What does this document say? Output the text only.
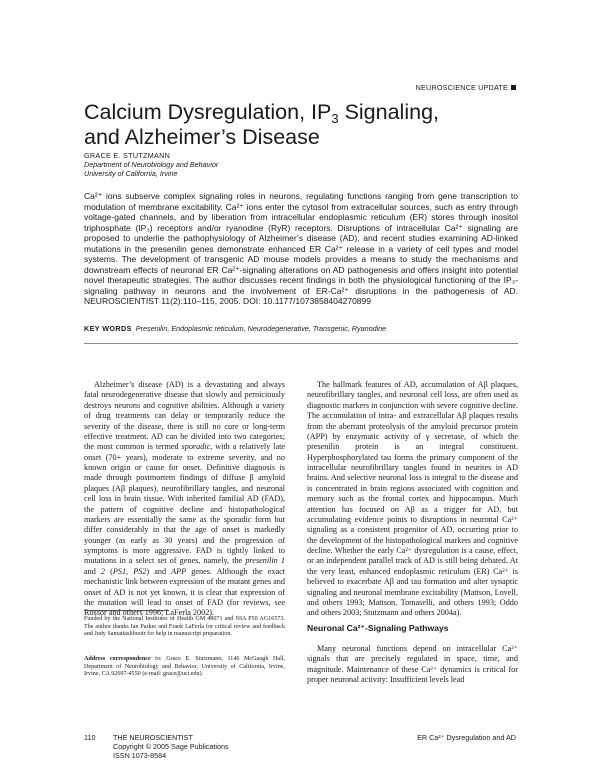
NEUROSCIENCE UPDATE
Calcium Dysregulation, $IP_3$ Signaling,
and Alzheimer’s Disease
GRACE E. STUTZMANN
Department of Neurobiology and Behavior
University of California, Irvine

Ca²⁺ ions subserve complex signaling roles in neurons, regulating functions ranging from gene transcription to modulation of membrane excitability. Ca²⁺ ions enter the cytosol from extracellular sources, such as entry through voltage-gated channels, and by liberation from intracellular endoplasmic reticulum (ER) stores through inositol triphosphate (IP₃) receptors and/or ryanodine (RyR) receptors. Disruptions of intracellular Ca²⁺ signaling are proposed to underlie the pathophysiology of Alzheimer’s disease (AD), and recent studies examining AD-linked mutations in the presenilin genes demonstrate enhanced ER Ca²⁺ release in a variety of cell types and model systems. The development of transgenic AD mouse models provides a means to study the mechanisms and downstream effects of neuronal ER Ca²⁺-signaling alterations on AD pathogenesis and offers insight into potential novel therapeutic strategies. The author discusses recent findings in both the physiological functioning of the IP₃-signaling pathway in neurons and the involvement of ER-Ca²⁺ disruptions in the pathogenesis of AD. NEUROSCIENTIST 11(2):110–115, 2005. DOI: 10.1177/1073858404270899

KEY WORDS Presenilin, Endoplasmic reticulum, Neurodegenerative, Transgenic, Ryanodine

Alzheimer’s disease (AD) is a devastating and always fatal neurodegenerative disease that slowly and perniciously destroys neurons and cognitive abilities. Although a variety of drug treatments can delay or temporarily reduce the severity of the disease, there is still no cure or long-term effective treatment. AD can be divided into two categories; the most common is termed sporadic, with a relatively late onset (70+ years), moderate to extreme severity, and no known origin or cause for onset. Definitive diagnosis is made through postmortem findings of diffuse β amyloid plaques (Aβ plaques), neurofibrillary tangles, and neuronal cell loss in brain tissue. With inherited familial AD (FAD), the pattern of cognitive decline and histopathological markers are essentially the same as the sporadic form but differ considerably in that the age of onset is markedly younger (as early as 30 years) and the progression of symptoms is more aggressive. FAD is tightly linked to mutations in a select set of genes, namely, the presenilin 1 and 2 (PS1, PS2) and APP genes. Although the exact mechanistic link between expression of the mutant genes and onset of AD is not yet known, it is clear that expression of the mutation will lead to onset of FAD (for reviews, see Rossor and others 1996; LaFerla 2002).

The hallmark features of AD, accumulation of Aβ plaques, neurofibrillary tangles, and neuronal cell loss, are often used as diagnostic markers in conjunction with severe cognitive decline. The accumulation of intra- and extracellular Aβ plaques results from the aberrant proteolysis of the amyloid precursor protein (APP) by enzymatic activity of γ secretase, of which the presenilin protein is an integral constituent. Hyperphosphorylated tau forms the primary component of the intracellular neurofibrillary tangles found in neurites in AD brains. And selective neuronal loss is integral to the disease and is concentrated in brain regions associated with cognition and memory such as the frontal cortex and hippocampus. Much attention has focused on Aβ as a trigger for AD, but accumulating evidence points to disruptions in neuronal Ca²⁺ signaling as a consistent progenitor of AD, occurring prior to the development of the histopathological markers and cognitive decline. Whether the early Ca²⁺ dysregulation is a cause, effect, or an independent parallel track of AD is still being debated. At the very least, enhanced endoplasmic reticulum (ER) Ca²⁺ is believed to exacerbate Aβ and tau formation and alter synaptic signaling and neuronal membrane excitability (Mattson, Lovell, and others 1993; Mattson, Tomaselli, and others 1993; Oddo and others 2003; Stutzmann and others 2004a).

Neuronal Ca²⁺-Signaling Pathways

Many neuronal functions depend on intracellular Ca²⁺ signals that are precisely regulated in space, time, and magnitude. Maintenance of these Ca²⁺ dynamics is critical for proper neuronal activity: Insufficient levels lead

Funded by the National Institutes of Health GM 48071 and NIA P50 AG16573. The author thanks Ian Parker and Frank LaFerla for critical review and feedback and Judy Samattaslibootr for help in manuscript preparation.

Address correspondence to: Grace E. Stutzmann, 1146 McGaugh Hall, Department of Neurobiology and Behavior, University of California, Irvine, Irvine, CA 92697-4550 (e-mail: gracе@uci.edu).

110 THE NEUROSCIENTIST
Copyright © 2005 Sage Publications
ISSN 1073-8584
ER Ca²⁺ Dysregulation and AD
